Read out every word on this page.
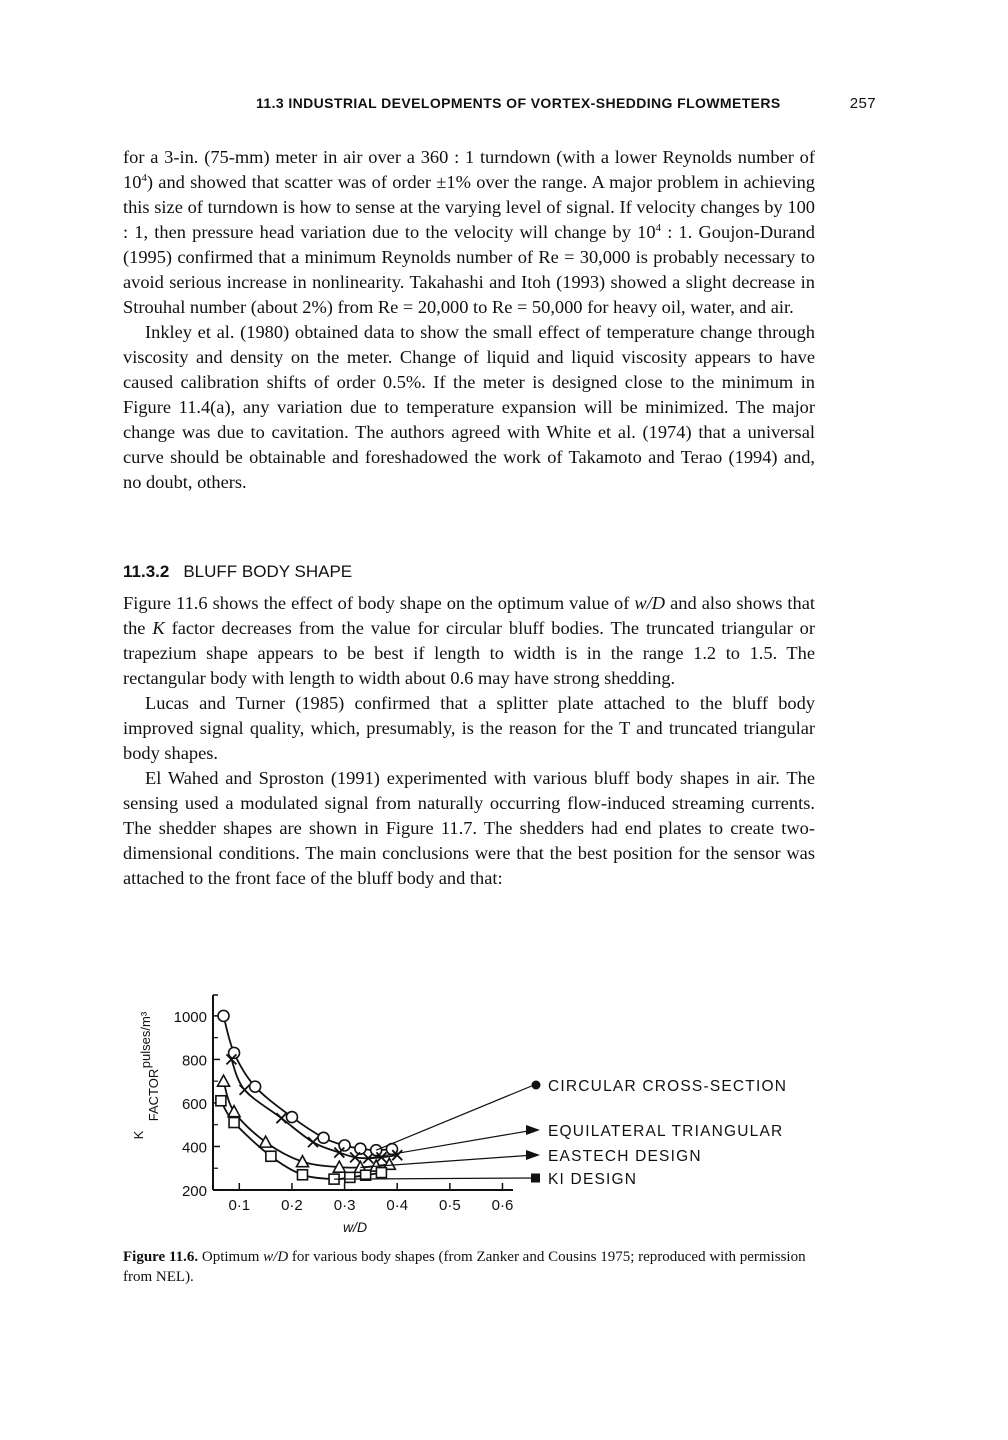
11.3 INDUSTRIAL DEVELOPMENTS OF VORTEX-SHEDDING FLOWMETERS	257

for a 3-in. (75-mm) meter in air over a 360 : 1 turndown (with a lower Reynolds number of $10^4$) and showed that scatter was of order ±1% over the range. A major problem in achieving this size of turndown is how to sense at the varying level of signal. If velocity changes by 100 : 1, then pressure head variation due to the velocity will change by $10^4$ : 1. Goujon-Durand (1995) confirmed that a minimum Reynolds number of Re = 30,000 is probably necessary to avoid serious increase in nonlinearity. Takahashi and Itoh (1993) showed a slight decrease in Strouhal number (about 2%) from Re = 20,000 to Re = 50,000 for heavy oil, water, and air.

Inkley et al. (1980) obtained data to show the small effect of temperature change through viscosity and density on the meter. Change of liquid and liquid viscosity appears to have caused calibration shifts of order 0.5%. If the meter is designed close to the minimum in Figure 11.4(a), any variation due to temperature expansion will be minimized. The major change was due to cavitation. The authors agreed with White et al. (1974) that a universal curve should be obtainable and foreshadowed the work of Takamoto and Terao (1994) and, no doubt, others.

11.3.2 BLUFF BODY SHAPE

Figure 11.6 shows the effect of body shape on the optimum value of w/D and also shows that the K factor decreases from the value for circular bluff bodies. The truncated triangular or trapezium shape appears to be best if length to width is in the range 1.2 to 1.5. The rectangular body with length to width about 0.6 may have strong shedding.

Lucas and Turner (1985) confirmed that a splitter plate attached to the bluff body improved signal quality, which, presumably, is the reason for the T and truncated triangular body shapes.

El Wahed and Sproston (1991) experimented with various bluff body shapes in air. The sensing used a modulated signal from naturally occurring flow-induced streaming currents. The shedder shapes are shown in Figure 11.7. The shedders had end plates to create two-dimensional conditions. The main conclusions were that the best position for the sensor was attached to the front face of the bluff body and that:

200
400
600
800
1000
0·1 0·2 0·3 0·4 0·5 0·6
w/D
FACTOR
K
pulses/m³
CIRCULAR CROSS-SECTION
EQUILATERAL TRIANGULAR
EASTECH DESIGN
KI DESIGN
Figure 11.6. Optimum w/D for various body shapes (from Zanker and Cousins 1975; reproduced with permission from NEL).
